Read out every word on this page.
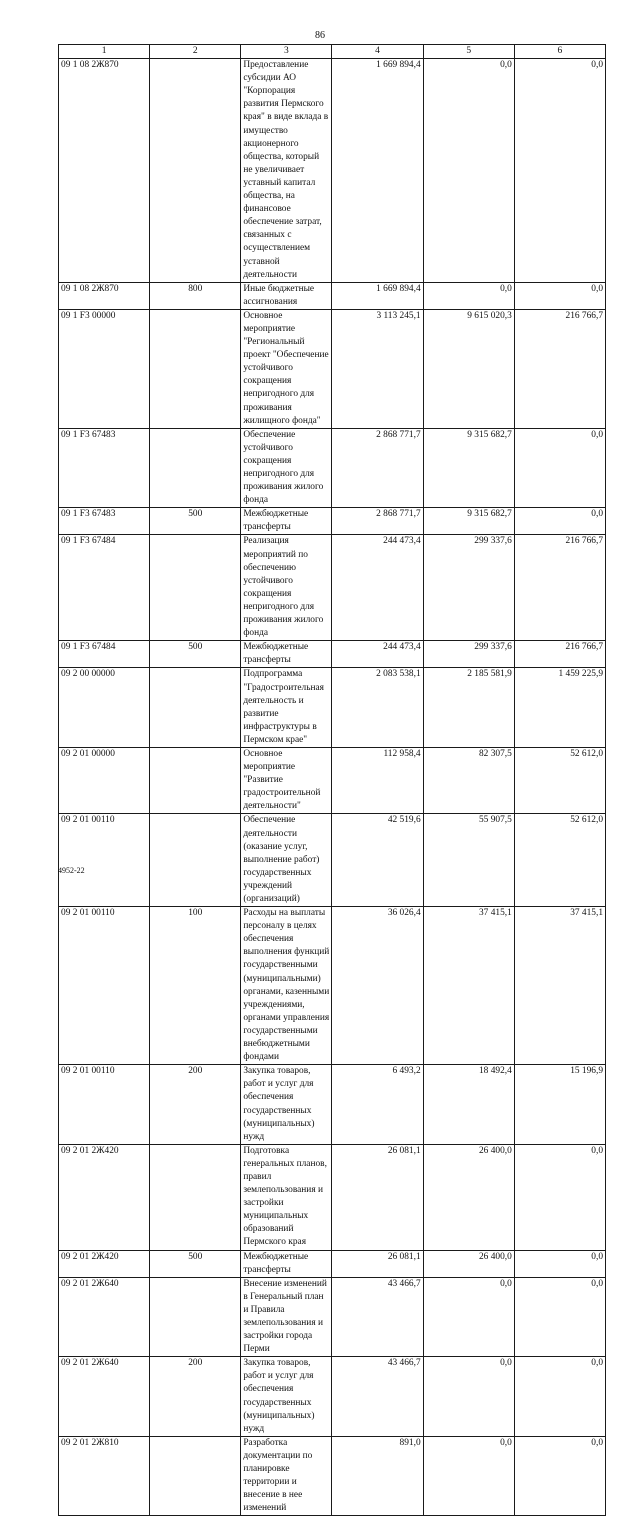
86
1	2	3	4	5	6
09 1 08 2Ж870		Предоставление субсидии АО "Корпорация развития Пермского края" в виде вклада в имущество акционерного общества, который не увеличивает уставный капитал общества, на финансовое обеспечение затрат, связанных с осуществлением уставной деятельности	1 669 894,4	0,0	0,0
09 1 08 2Ж870	800	Иные бюджетные ассигнования	1 669 894,4	0,0	0,0
09 1 F3 00000		Основное мероприятие "Региональный проект "Обеспечение устойчивого сокращения непригодного для проживания жилищного фонда"	3 113 245,1	9 615 020,3	216 766,7
09 1 F3 67483		Обеспечение устойчивого сокращения непригодного для проживания жилого фонда	2 868 771,7	9 315 682,7	0,0
09 1 F3 67483	500	Межбюджетные трансферты	2 868 771,7	9 315 682,7	0,0
09 1 F3 67484		Реализация мероприятий по обеспечению устойчивого сокращения непригодного для проживания жилого фонда	244 473,4	299 337,6	216 766,7
09 1 F3 67484	500	Межбюджетные трансферты	244 473,4	299 337,6	216 766,7
09 2 00 00000		Подпрограмма "Градостроительная деятельность и развитие инфраструктуры в Пермском крае"	2 083 538,1	2 185 581,9	1 459 225,9
09 2 01 00000		Основное мероприятие "Развитие градостроительной деятельности"	112 958,4	82 307,5	52 612,0
09 2 01 00110		Обеспечение деятельности (оказание услуг, выполнение работ) государственных учреждений (организаций)	42 519,6	55 907,5	52 612,0
09 2 01 00110	100	Расходы на выплаты персоналу в целях обеспечения выполнения функций государственными (муниципальными) органами, казенными учреждениями, органами управления государственными внебюджетными фондами	36 026,4	37 415,1	37 415,1
09 2 01 00110	200	Закупка товаров, работ и услуг для обеспечения государственных (муниципальных) нужд	6 493,2	18 492,4	15 196,9
09 2 01 2Ж420		Подготовка генеральных планов, правил землепользования и застройки муниципальных образований Пермского края	26 081,1	26 400,0	0,0
09 2 01 2Ж420	500	Межбюджетные трансферты	26 081,1	26 400,0	0,0
09 2 01 2Ж640		Внесение изменений в Генеральный план и Правила землепользования и застройки города Перми	43 466,7	0,0	0,0
09 2 01 2Ж640	200	Закупка товаров, работ и услуг для обеспечения государственных (муниципальных) нужд	43 466,7	0,0	0,0
09 2 01 2Ж810		Разработка документации по планировке территории и внесение в нее изменений	891,0	0,0	0,0
4952-22
